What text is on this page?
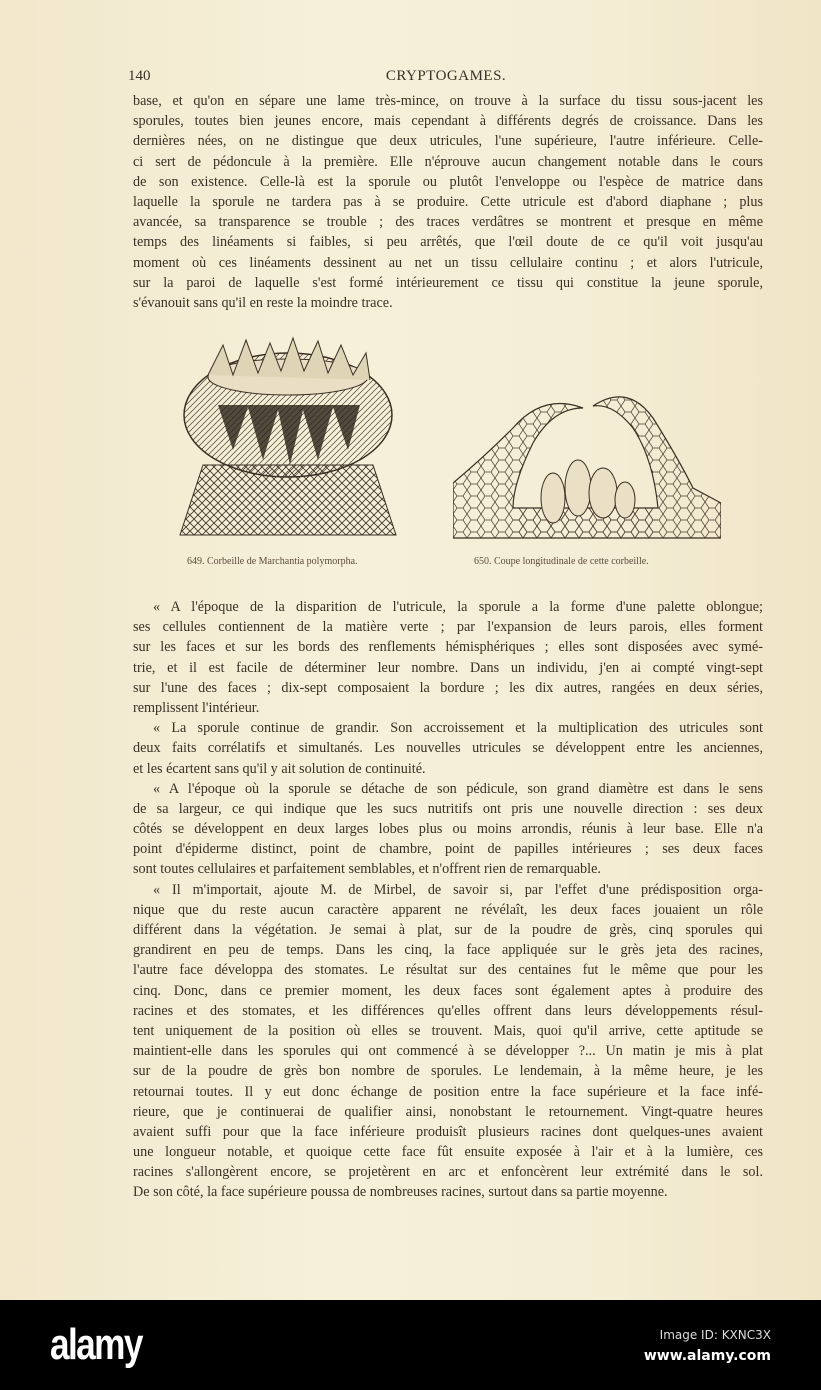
140	CRYPTOGAMES.
base, et qu'on en sépare une lame très-mince, on trouve à la surface du tissu sous-jacent les
sporules, toutes bien jeunes encore, mais cependant à différents degrés de croissance. Dans les
dernières nées, on ne distingue que deux utricules, l'une supérieure, l'autre inférieure. Celle-
ci sert de pédoncule à la première. Elle n'éprouve aucun changement notable dans le cours
de son existence. Celle-là est la sporule ou plutôt l'enveloppe ou l'espèce de matrice dans
laquelle la sporule ne tardera pas à se produire. Cette utricule est d'abord diaphane ; plus
avancée, sa transparence se trouble ; des traces verdâtres se montrent et presque en même
temps des linéaments si faibles, si peu arrêtés, que l'œil doute de ce qu'il voit jusqu'au
moment où ces linéaments dessinent au net un tissu cellulaire continu ; et alors l'utricule,
sur la paroi de laquelle s'est formé intérieurement ce tissu qui constitue la jeune sporule,
s'évanouit sans qu'il en reste la moindre trace.
649. Corbeille de Marchantia polymorpha.	650. Coupe longitudinale de cette corbeille.
« A l'époque de la disparition de l'utricule, la sporule a la forme d'une palette oblongue;
ses cellules contiennent de la matière verte ; par l'expansion de leurs parois, elles forment
sur les faces et sur les bords des renflements hémisphériques ; elles sont disposées avec symé-
trie, et il est facile de déterminer leur nombre. Dans un individu, j'en ai compté vingt-sept
sur l'une des faces ; dix-sept composaient la bordure ; les dix autres, rangées en deux séries,
remplissent l'intérieur.
« La sporule continue de grandir. Son accroissement et la multiplication des utricules sont
deux faits corrélatifs et simultanés. Les nouvelles utricules se développent entre les anciennes,
et les écartent sans qu'il y ait solution de continuité.
« A l'époque où la sporule se détache de son pédicule, son grand diamètre est dans le sens
de sa largeur, ce qui indique que les sucs nutritifs ont pris une nouvelle direction : ses deux
côtés se développent en deux larges lobes plus ou moins arrondis, réunis à leur base. Elle n'a
point d'épiderme distinct, point de chambre, point de papilles intérieures ; ses deux faces
sont toutes cellulaires et parfaitement semblables, et n'offrent rien de remarquable.
« Il m'importait, ajoute M. de Mirbel, de savoir si, par l'effet d'une prédisposition orga-
nique que du reste aucun caractère apparent ne révélaît, les deux faces jouaient un rôle
différent dans la végétation. Je semai à plat, sur de la poudre de grès, cinq sporules qui
grandirent en peu de temps. Dans les cinq, la face appliquée sur le grès jeta des racines,
l'autre face développa des stomates. Le résultat sur des centaines fut le même que pour les
cinq. Donc, dans ce premier moment, les deux faces sont également aptes à produire des
racines et des stomates, et les différences qu'elles offrent dans leurs développements résul-
tent uniquement de la position où elles se trouvent. Mais, quoi qu'il arrive, cette aptitude se
maintient-elle dans les sporules qui ont commencé à se développer ?... Un matin je mis à plat
sur de la poudre de grès bon nombre de sporules. Le lendemain, à la même heure, je les
retournai toutes. Il y eut donc échange de position entre la face supérieure et la face infé-
rieure, que je continuerai de qualifier ainsi, nonobstant le retournement. Vingt-quatre heures
avaient suffi pour que la face inférieure produisît plusieurs racines dont quelques-unes avaient
une longueur notable, et quoique cette face fût ensuite exposée à l'air et à la lumière, ces
racines s'allongèrent encore, se projetèrent en arc et enfoncèrent leur extrémité dans le sol.
De son côté, la face supérieure poussa de nombreuses racines, surtout dans sa partie moyenne.
alamy	Image ID: KXNC3X
www.alamy.com
